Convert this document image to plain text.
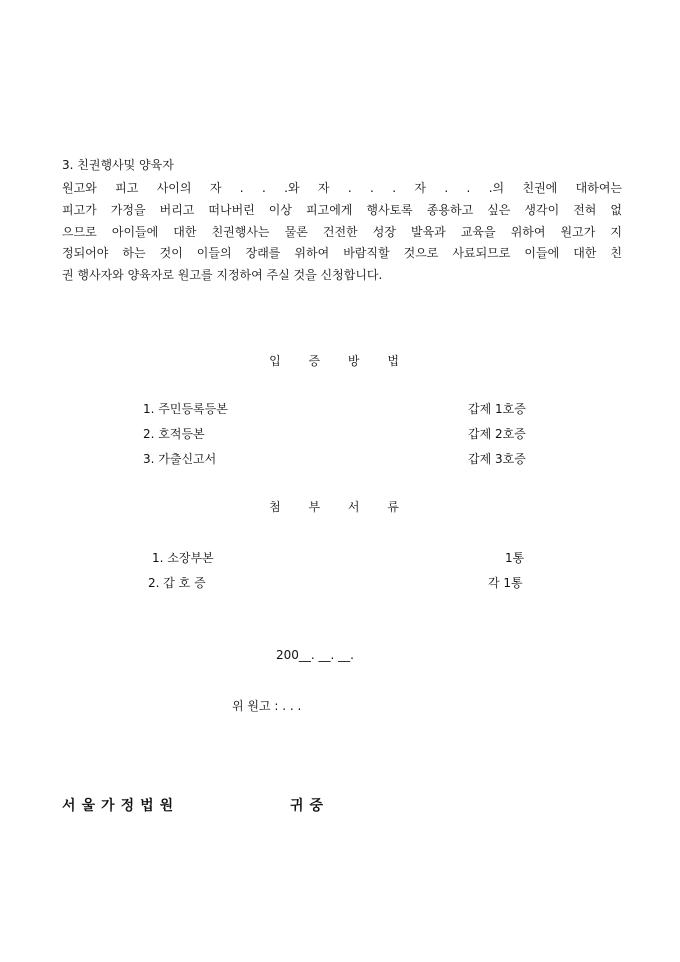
3. 친권행사및 양육자
원고와 피고 사이의 자 . . .와 자 . . . 자 . . .의 친권에 대하여는
피고가 가정을 버리고 떠나버린 이상 피고에게 행사토록 종용하고 싶은 생각이 전혀 없
으므로 아이들에 대한 친권행사는 물론 건전한 성장 발육과 교육을 위하여 원고가 지
정되어야 하는 것이 이들의 장래를 위하여 바람직할 것으로 사료되므로 이들에 대한 친
권 행사자와 양육자로 원고를 지정하여 주실 것을 신청합니다.
입 증 방 법
1. 주민등록등본	갑제 1호증
2. 호적등본	갑제 2호증
3. 가출신고서	갑제 3호증
첨 부 서 류
1. 소장부본	1통
2. 갑 호 증	각 1통
200__. __. __.
위 원고 : . . .
서울가정법원	귀중
